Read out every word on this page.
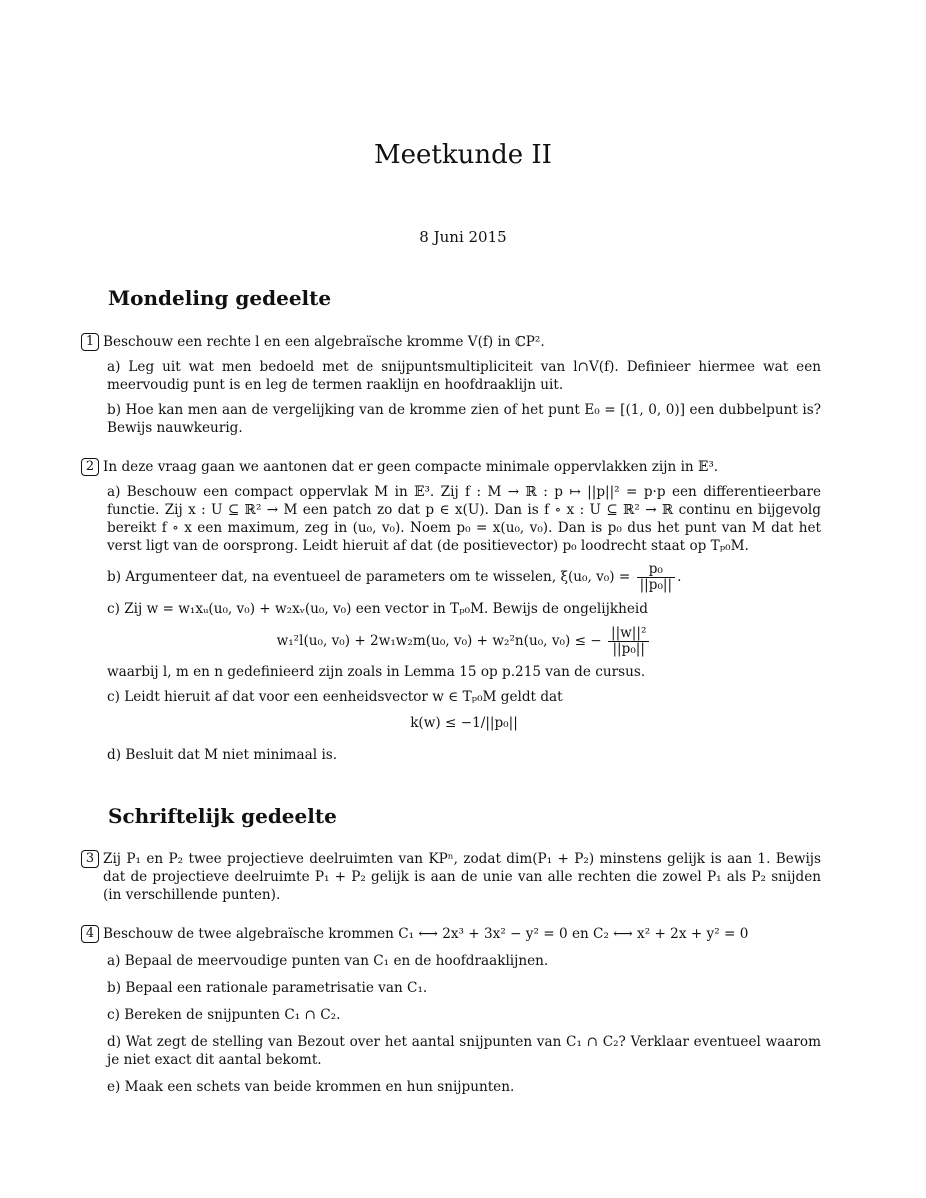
Meetkunde II
8 Juni 2015
Mondeling gedeelte
1 Beschouw een rechte l en een algebraïsche kromme V(f) in ℂP².
a) Leg uit wat men bedoeld met de snijpuntsmultipliciteit van l∩V(f). Definieer hiermee wat een meervoudig punt is en leg de termen raaklijn en hoofdraaklijn uit.
b) Hoe kan men aan de vergelijking van de kromme zien of het punt E₀ = [(1, 0, 0)] een dubbelpunt is? Bewijs nauwkeurig.
2 In deze vraag gaan we aantonen dat er geen compacte minimale oppervlakken zijn in 𝔼³.
a) Beschouw een compact oppervlak M in 𝔼³. Zij f : M → ℝ : p ↦ ||p||² = p·p een differentieerbare functie. Zij x : U ⊆ ℝ² → M een patch zo dat p ∈ x(U). Dan is f ∘ x : U ⊆ ℝ² → ℝ continu en bijgevolg bereikt f ∘ x een maximum, zeg in (u₀, v₀). Noem p₀ = x(u₀, v₀). Dan is p₀ dus het punt van M dat het verst ligt van de oorsprong. Leidt hieruit af dat (de positievector) p₀ loodrecht staat op Tₚ₀M.
b) Argumenteer dat, na eventueel de parameters om te wisselen, ξ(u₀, $v_0) = \frac{\text{p₀}}{\text{||p₀||}}$ .
c) Zij w = w₁xᵤ(u₀, v₀) + w₂xᵥ(u₀, v₀) een vector in Tₚ₀M. Bewijs de ongelijkheid
w₁²l(u₀, v₀) + 2w₁w₂m(u₀, v₀) + w₂²n(u₀, v₀) ≤ − $\frac{\text{||w||²}}{\text{||p₀||}}$
waarbij l, m en n gedefinieerd zijn zoals in Lemma 15 op p.215 van de cursus.
c) Leidt hieruit af dat voor een eenheidsvector w ∈ Tₚ₀M geldt dat
k(w) ≤ −1/||p₀||
d) Besluit dat M niet minimaal is.
Schriftelijk gedeelte
3 Zij P₁ en P₂ twee projectieve deelruimten van KPⁿ, zodat dim(P₁ + P₂) minstens gelijk is aan 1. Bewijs dat de projectieve deelruimte P₁ + P₂ gelijk is aan de unie van alle rechten die zowel P₁ als P₂ snijden (in verschillende punten).
4 Beschouw de twee algebraïsche krommen C₁ ⟷ 2x³ + 3x² − y² = 0 en C₂ ⟷ x² + 2x + y² = 0
a) Bepaal de meervoudige punten van C₁ en de hoofdraaklijnen.
b) Bepaal een rationale parametrisatie van C₁.
c) Bereken de snijpunten C₁ ∩ C₂.
d) Wat zegt de stelling van Bezout over het aantal snijpunten van C₁ ∩ C₂? Verklaar eventueel waarom je niet exact dit aantal bekomt.
e) Maak een schets van beide krommen en hun snijpunten.
